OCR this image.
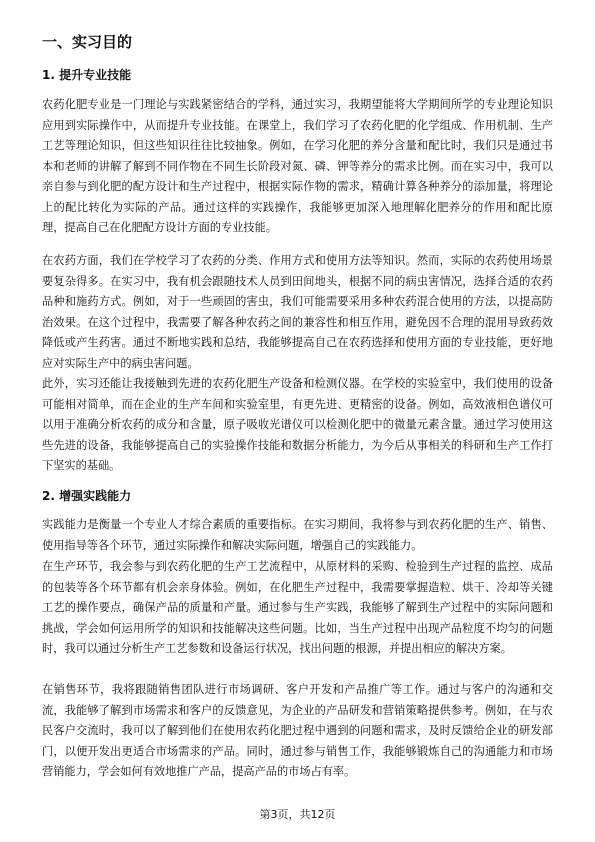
一、实习目的
1. 提升专业技能

农药化肥专业是一门理论与实践紧密结合的学科，通过实习，我期望能将大学期间所学的专业理论知识应用到实际操作中，从而提升专业技能。在课堂上，我们学习了农药化肥的化学组成、作用机制、生产工艺等理论知识，但这些知识往往比较抽象。例如，在学习化肥的养分含量和配比时，我们只是通过书本和老师的讲解了解到不同作物在不同生长阶段对氮、磷、钾等养分的需求比例。而在实习中，我可以亲自参与到化肥的配方设计和生产过程中，根据实际作物的需求，精确计算各种养分的添加量，将理论上的配比转化为实际的产品。通过这样的实践操作，我能够更加深入地理解化肥养分的作用和配比原理，提高自己在化肥配方设计方面的专业技能。

在农药方面，我们在学校学习了农药的分类、作用方式和使用方法等知识。然而，实际的农药使用场景要复杂得多。在实习中，我有机会跟随技术人员到田间地头，根据不同的病虫害情况，选择合适的农药品种和施药方式。例如，对于一些顽固的害虫，我们可能需要采用多种农药混合使用的方法，以提高防治效果。在这个过程中，我需要了解各种农药之间的兼容性和相互作用，避免因不合理的混用导致药效降低或产生药害。通过不断地实践和总结，我能够提高自己在农药选择和使用方面的专业技能，更好地应对实际生产中的病虫害问题。

此外，实习还能让我接触到先进的农药化肥生产设备和检测仪器。在学校的实验室中，我们使用的设备可能相对简单，而在企业的生产车间和实验室里，有更先进、更精密的设备。例如，高效液相色谱仪可以用于准确分析农药的成分和含量，原子吸收光谱仪可以检测化肥中的微量元素含量。通过学习使用这些先进的设备，我能够提高自己的实验操作技能和数据分析能力，为今后从事相关的科研和生产工作打下坚实的基础。

2. 增强实践能力

实践能力是衡量一个专业人才综合素质的重要指标。在实习期间，我将参与到农药化肥的生产、销售、使用指导等各个环节，通过实际操作和解决实际问题，增强自己的实践能力。

在生产环节，我会参与到农药化肥的生产工艺流程中，从原材料的采购、检验到生产过程的监控、成品的包装等各个环节都有机会亲身体验。例如，在化肥生产过程中，我需要掌握造粒、烘干、冷却等关键工艺的操作要点，确保产品的质量和产量。通过参与生产实践，我能够了解到生产过程中的实际问题和挑战，学会如何运用所学的知识和技能解决这些问题。比如，当生产过程中出现产品粒度不均匀的问题时，我可以通过分析生产工艺参数和设备运行状况，找出问题的根源，并提出相应的解决方案。

在销售环节，我将跟随销售团队进行市场调研、客户开发和产品推广等工作。通过与客户的沟通和交流，我能够了解到市场需求和客户的反馈意见，为企业的产品研发和营销策略提供参考。例如，在与农民客户交流时，我可以了解到他们在使用农药化肥过程中遇到的问题和需求，及时反馈给企业的研发部门，以便开发出更适合市场需求的产品。同时，通过参与销售工作，我能够锻炼自己的沟通能力和市场营销能力，学会如何有效地推广产品，提高产品的市场占有率。

第3页，共12页
